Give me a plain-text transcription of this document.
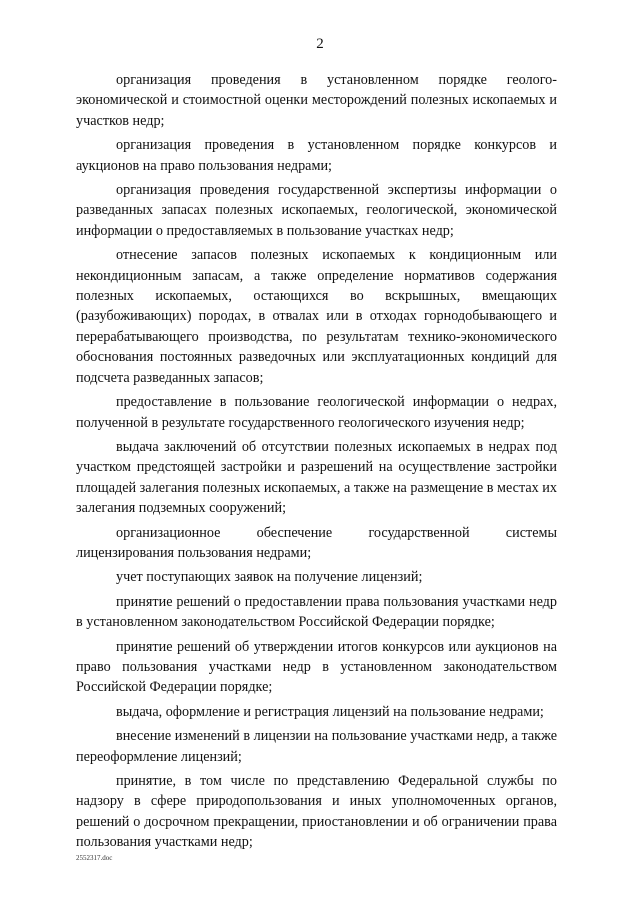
2

организация проведения в установленном порядке геолого-экономической и стоимостной оценки месторождений полезных ископаемых и участков недр;

организация проведения в установленном порядке конкурсов и аукционов на право пользования недрами;

организация проведения государственной экспертизы информации о разведанных запасах полезных ископаемых, геологической, экономической информации о предоставляемых в пользование участках недр;

отнесение запасов полезных ископаемых к кондиционным или некондиционным запасам, а также определение нормативов содержания полезных ископаемых, остающихся во вскрышных, вмещающих (разубоживающих) породах, в отвалах или в отходах горнодобывающего и перерабатывающего производства, по результатам технико-экономического обоснования постоянных разведочных или эксплуатационных кондиций для подсчета разведанных запасов;

предоставление в пользование геологической информации о недрах, полученной в результате государственного геологического изучения недр;

выдача заключений об отсутствии полезных ископаемых в недрах под участком предстоящей застройки и разрешений на осуществление застройки площадей залегания полезных ископаемых, а также на размещение в местах их залегания подземных сооружений;

организационное обеспечение государственной системы лицензирования пользования недрами;

учет поступающих заявок на получение лицензий;

принятие решений о предоставлении права пользования участками недр в установленном законодательством Российской Федерации порядке;

принятие решений об утверждении итогов конкурсов или аукционов на право пользования участками недр в установленном законодательством Российской Федерации порядке;

выдача, оформление и регистрация лицензий на пользование недрами;

внесение изменений в лицензии на пользование участками недр, а также переоформление лицензий;

принятие, в том числе по представлению Федеральной службы по надзору в сфере природопользования и иных уполномоченных органов, решений о досрочном прекращении, приостановлении и об ограничении права пользования участками недр;

2552317.doc
